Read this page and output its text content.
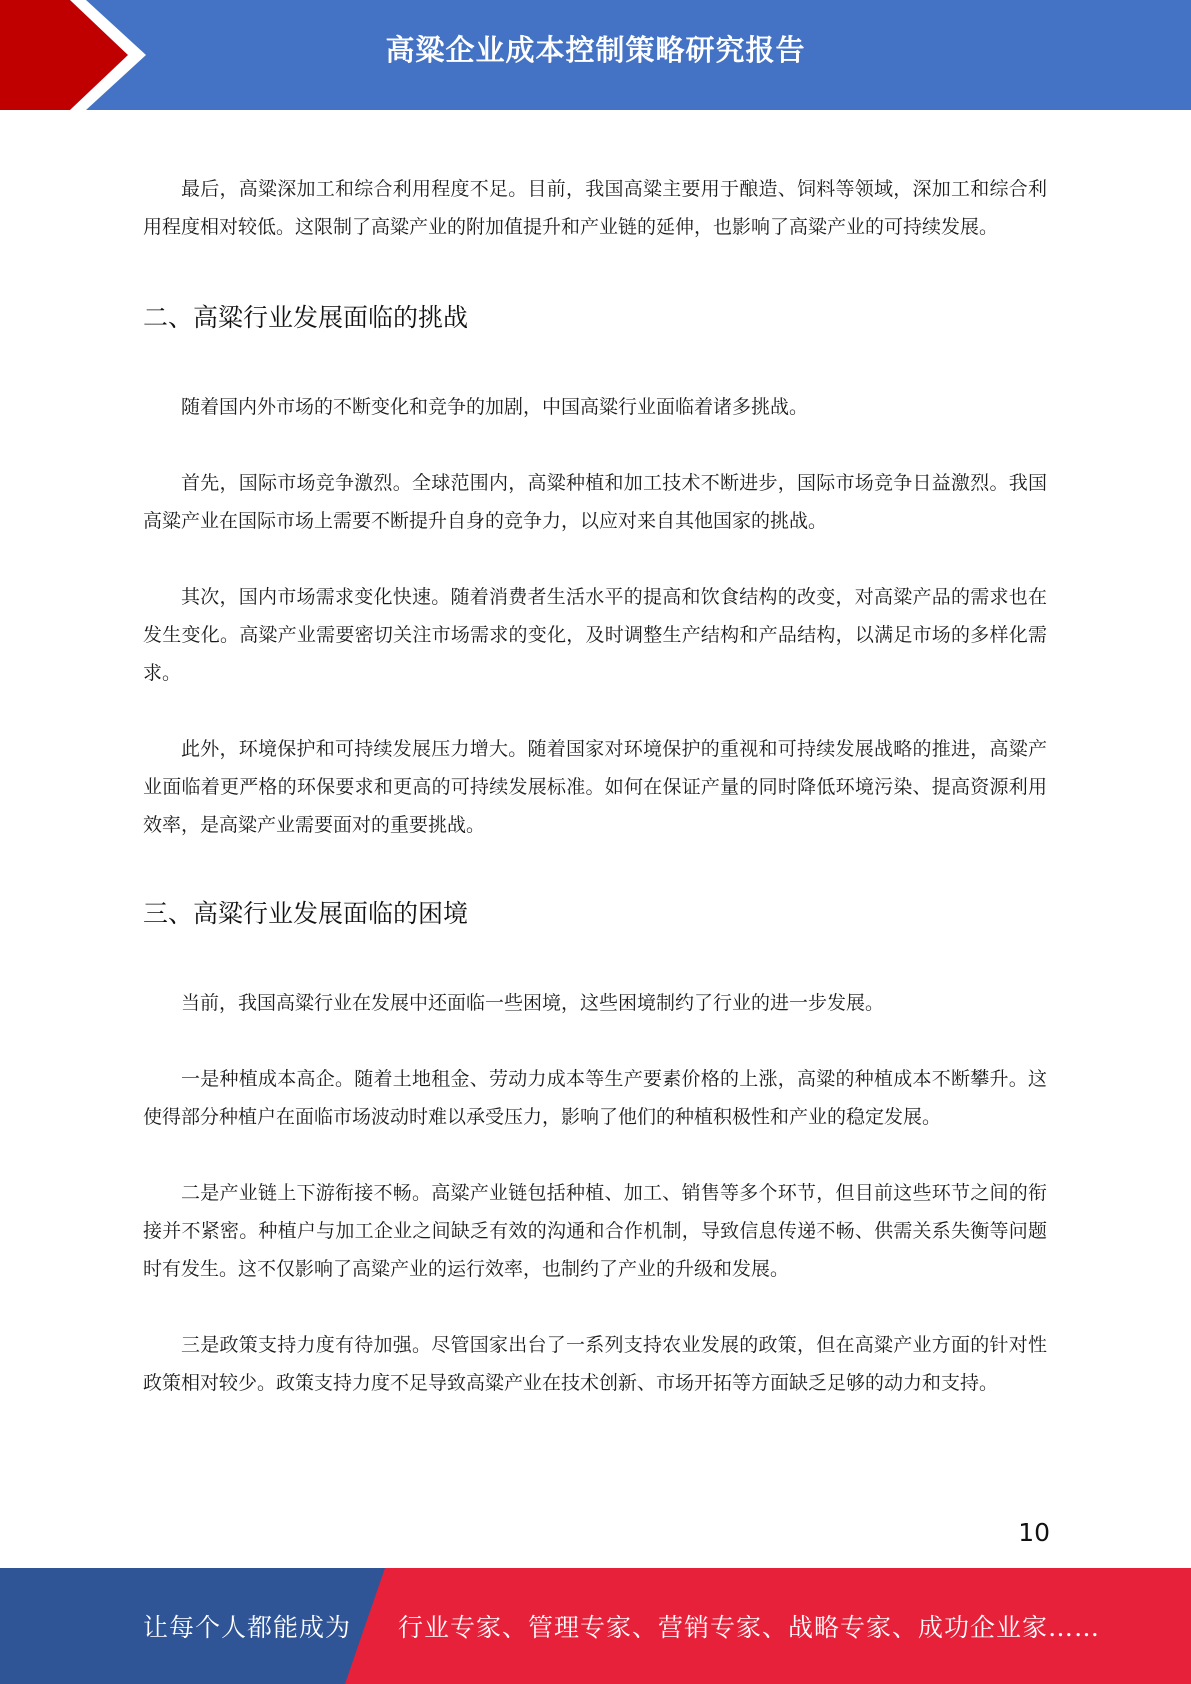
高粱企业成本控制策略研究报告

最后，高粱深加工和综合利用程度不足。目前，我国高粱主要用于酿造、饲料等领域，深加工和综合利用程度相对较低。这限制了高粱产业的附加值提升和产业链的延伸，也影响了高粱产业的可持续发展。

二、高粱行业发展面临的挑战

随着国内外市场的不断变化和竞争的加剧，中国高粱行业面临着诸多挑战。

首先，国际市场竞争激烈。全球范围内，高粱种植和加工技术不断进步，国际市场竞争日益激烈。我国高粱产业在国际市场上需要不断提升自身的竞争力，以应对来自其他国家的挑战。

其次，国内市场需求变化快速。随着消费者生活水平的提高和饮食结构的改变，对高粱产品的需求也在发生变化。高粱产业需要密切关注市场需求的变化，及时调整生产结构和产品结构，以满足市场的多样化需求。

此外，环境保护和可持续发展压力增大。随着国家对环境保护的重视和可持续发展战略的推进，高粱产业面临着更严格的环保要求和更高的可持续发展标准。如何在保证产量的同时降低环境污染、提高资源利用效率，是高粱产业需要面对的重要挑战。

三、高粱行业发展面临的困境

当前，我国高粱行业在发展中还面临一些困境，这些困境制约了行业的进一步发展。

一是种植成本高企。随着土地租金、劳动力成本等生产要素价格的上涨，高粱的种植成本不断攀升。这使得部分种植户在面临市场波动时难以承受压力，影响了他们的种植积极性和产业的稳定发展。

二是产业链上下游衔接不畅。高粱产业链包括种植、加工、销售等多个环节，但目前这些环节之间的衔接并不紧密。种植户与加工企业之间缺乏有效的沟通和合作机制，导致信息传递不畅、供需关系失衡等问题时有发生。这不仅影响了高粱产业的运行效率，也制约了产业的升级和发展。

三是政策支持力度有待加强。尽管国家出台了一系列支持农业发展的政策，但在高粱产业方面的针对性政策相对较少。政策支持力度不足导致高粱产业在技术创新、市场开拓等方面缺乏足够的动力和支持。

10
让每个人都能成为 行业专家、管理专家、营销专家、战略专家、成功企业家……
